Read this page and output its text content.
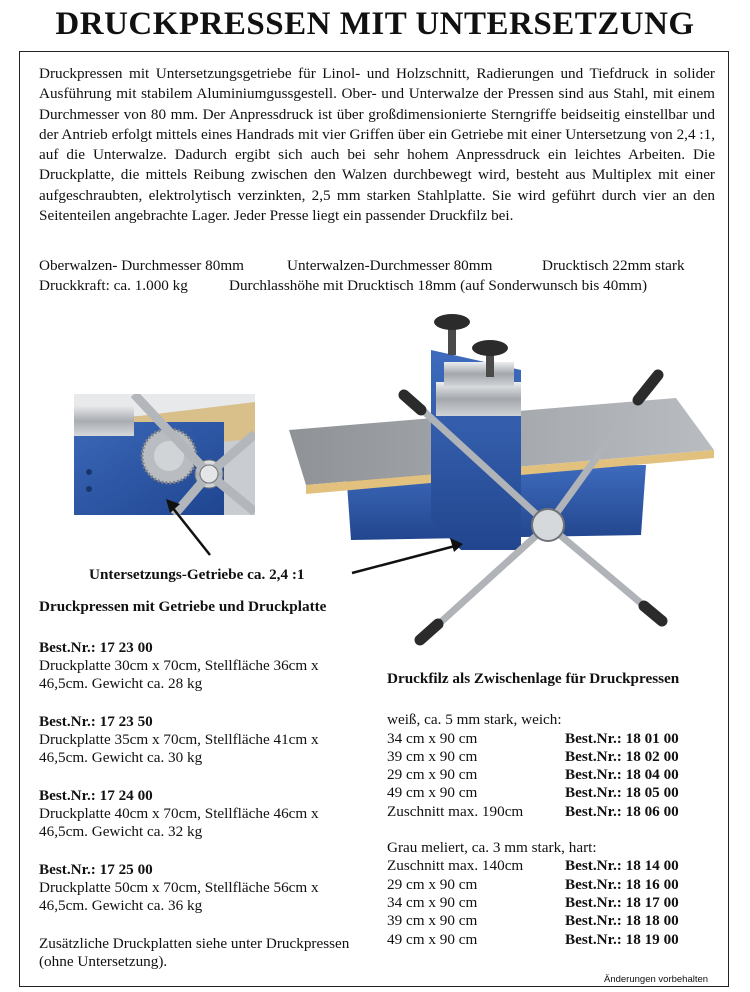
DRUCKPRESSEN MIT UNTERSETZUNG

Druckpressen mit Untersetzungsgetriebe für Linol- und Holzschnitt, Radierungen und Tiefdruck in solider Ausführung mit stabilem Aluminiumgussgestell. Ober- und Unterwalze der Pressen sind aus Stahl, mit einem Durchmesser von 80 mm. Der Anpressdruck ist über großdimensionierte Sterngriffe beidseitig einstellbar und der Antrieb erfolgt mittels eines Handrads mit vier Griffen über ein Getriebe mit einer Untersetzung von 2,4 :1, auf die Unterwalze. Dadurch ergibt sich auch bei sehr hohem Anpressdruck ein leichtes Arbeiten. Die Druckplatte, die mittels Reibung zwischen den Walzen durchbewegt wird, besteht aus Multiplex mit einer aufgeschraubten, elektrolytisch verzinkten, 2,5 mm starken Stahlplatte. Sie wird geführt durch vier an den Seitenteilen angebrachte Lager. Jeder Presse liegt ein passender Druckfilz bei.

Oberwalzen- Durchmesser 80mm	Unterwalzen-Durchmesser 80mm	Drucktisch 22mm stark
Druckkraft: ca. 1.000 kg	Durchlasshöhe mit Drucktisch 18mm (auf Sonderwunsch bis 40mm)
Untersetzungs-Getriebe ca. 2,4 :1
Druckpressen mit Getriebe und Druckplatte
Best.Nr.: 17 23 00
Druckplatte 30cm x 70cm, Stellfläche 36cm x 46,5cm. Gewicht ca. 28 kg
Best.Nr.: 17 23 50
Druckplatte 35cm x 70cm, Stellfläche 41cm x 46,5cm. Gewicht ca. 30 kg
Best.Nr.: 17 24 00
Druckplatte 40cm x 70cm, Stellfläche 46cm x 46,5cm. Gewicht ca. 32 kg
Best.Nr.: 17 25 00
Druckplatte 50cm x 70cm, Stellfläche 56cm x 46,5cm. Gewicht ca. 36 kg
Zusätzliche Druckplatten siehe unter Druckpressen (ohne Untersetzung).
Druckfilz als Zwischenlage für Druckpressen
weiß, ca. 5 mm stark, weich:
34 cm x 90 cm	Best.Nr.: 18 01 00
39 cm x 90 cm	Best.Nr.: 18 02 00
29 cm x 90 cm	Best.Nr.: 18 04 00
49 cm x 90 cm	Best.Nr.: 18 05 00
Zuschnitt max. 190cm	Best.Nr.: 18 06 00
Grau meliert, ca. 3 mm stark, hart:
Zuschnitt max. 140cm	Best.Nr.: 18 14 00
29 cm x 90 cm	Best.Nr.: 18 16 00
34 cm x 90 cm	Best.Nr.: 18 17 00
39 cm x 90 cm	Best.Nr.: 18 18 00
49 cm x 90 cm	Best.Nr.: 18 19 00
Änderungen vorbehalten
